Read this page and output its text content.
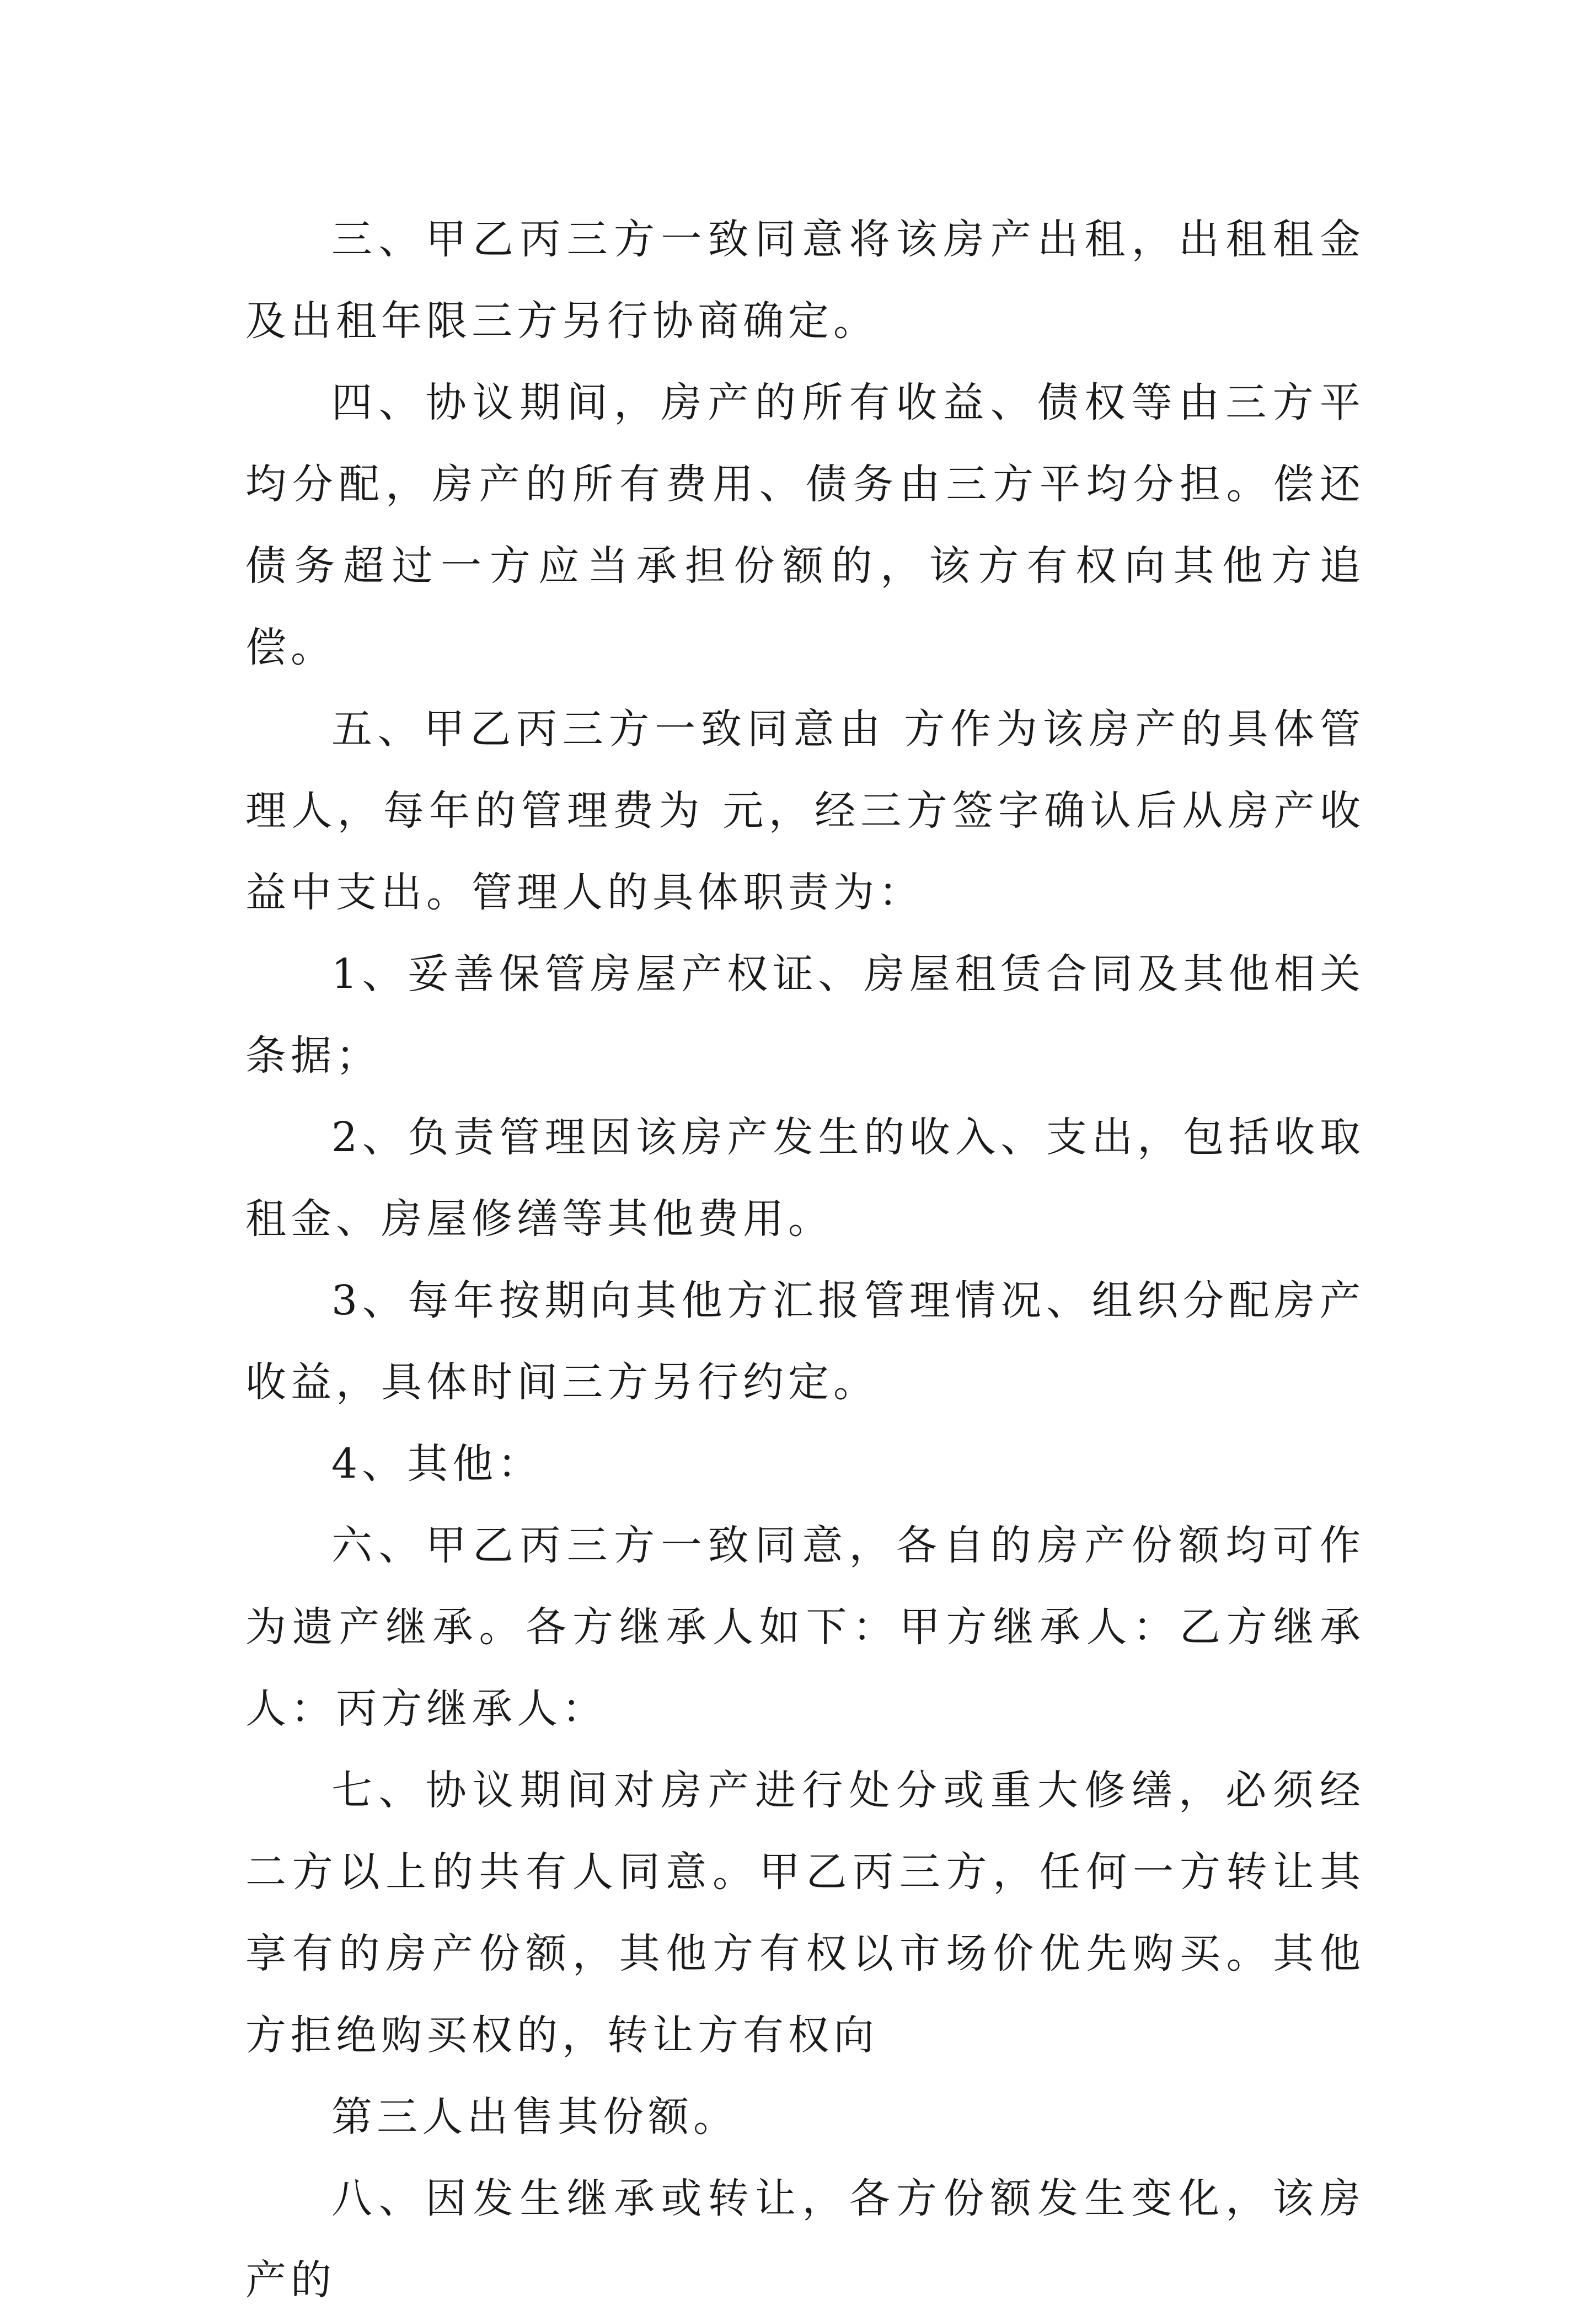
三、甲乙丙三方一致同意将该房产出租，出租租金及出租年限三方另行协商确定。

四、协议期间，房产的所有收益、债权等由三方平均分配，房产的所有费用、债务由三方平均分担。偿还债务超过一方应当承担份额的，该方有权向其他方追偿。

五、甲乙丙三方一致同意由 方作为该房产的具体管理人，每年的管理费为 元，经三方签字确认后从房产收益中支出。管理人的具体职责为：

1、妥善保管房屋产权证、房屋租赁合同及其他相关条据；

2、负责管理因该房产发生的收入、支出，包括收取租金、房屋修缮等其他费用。

3、每年按期向其他方汇报管理情况、组织分配房产收益，具体时间三方另行约定。

4、其他：

六、甲乙丙三方一致同意，各自的房产份额均可作为遗产继承。各方继承人如下：甲方继承人：乙方继承人：丙方继承人：

七、协议期间对房产进行处分或重大修缮，必须经二方以上的共有人同意。甲乙丙三方，任何一方转让其享有的房产份额，其他方有权以市场价优先购买。其他方拒绝购买权的，转让方有权向

第三人出售其份额。

八、因发生继承或转让，各方份额发生变化，该房产的
